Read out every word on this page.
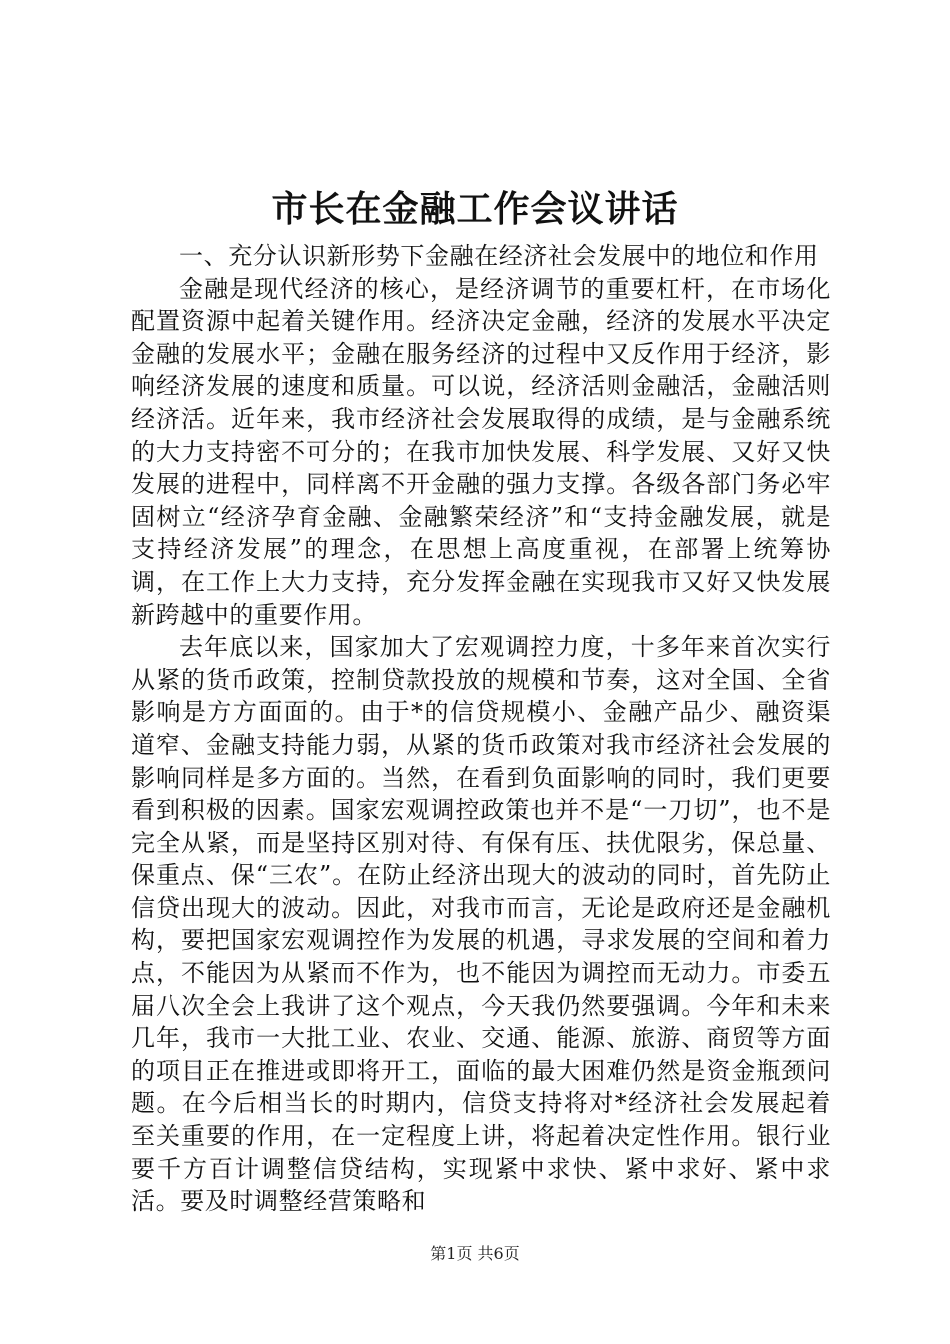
市长在金融工作会议讲话

一、充分认识新形势下金融在经济社会发展中的地位和作用

金融是现代经济的核心，是经济调节的重要杠杆，在市场化配置资源中起着关键作用。经济决定金融，经济的发展水平决定金融的发展水平；金融在服务经济的过程中又反作用于经济，影响经济发展的速度和质量。可以说，经济活则金融活，金融活则经济活。近年来，我市经济社会发展取得的成绩，是与金融系统的大力支持密不可分的；在我市加快发展、科学发展、又好又快发展的进程中，同样离不开金融的强力支撑。各级各部门务必牢固树立“经济孕育金融、金融繁荣经济”和“支持金融发展，就是支持经济发展”的理念，在思想上高度重视，在部署上统筹协调，在工作上大力支持，充分发挥金融在实现我市又好又快发展新跨越中的重要作用。

去年底以来，国家加大了宏观调控力度，十多年来首次实行从紧的货币政策，控制贷款投放的规模和节奏，这对全国、全省影响是方方面面的。由于*的信贷规模小、金融产品少、融资渠道窄、金融支持能力弱，从紧的货币政策对我市经济社会发展的影响同样是多方面的。当然，在看到负面影响的同时，我们更要看到积极的因素。国家宏观调控政策也并不是“一刀切”，也不是完全从紧，而是坚持区别对待、有保有压、扶优限劣，保总量、保重点、保“三农”。在防止经济出现大的波动的同时，首先防止信贷出现大的波动。因此，对我市而言，无论是政府还是金融机构，要把国家宏观调控作为发展的机遇，寻求发展的空间和着力点，不能因为从紧而不作为，也不能因为调控而无动力。市委五届八次全会上我讲了这个观点，今天我仍然要强调。今年和未来几年，我市一大批工业、农业、交通、能源、旅游、商贸等方面的项目正在推进或即将开工，面临的最大困难仍然是资金瓶颈问题。在今后相当长的时期内，信贷支持将对*经济社会发展起着至关重要的作用，在一定程度上讲，将起着决定性作用。银行业要千方百计调整信贷结构，实现紧中求快、紧中求好、紧中求活。要及时调整经营策略和

第1页 共6页
